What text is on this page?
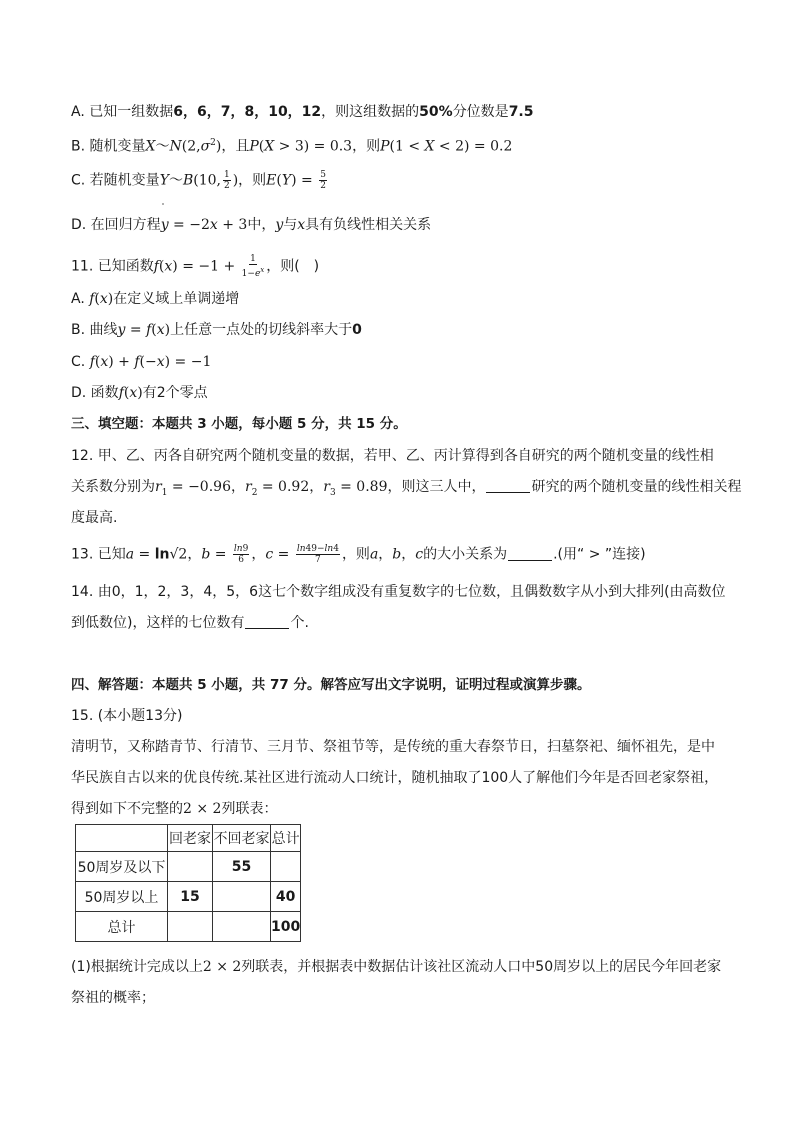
A. 已知一组数据6，6，7，8，10，12，则这组数据的50%分位数是7.5
B. 随机变量$X\sim N(2,\sigma^2)$，且P(X > 3) = 0.3，则P(1 < X < 2) = 0.2
C. 若随机变量Y～B(10, $\frac{1}{2}$ )，则$E(Y) = \frac{5}{2}$
D. 在回归方程y = −2x + 3中，y与x具有负线性相关关系
11. 已知函数$f(x) = -1 + \frac{1}{1-e^x}$ ，则(　)
A. f(x)在定义域上单调递增
B. 曲线y = f(x)上任意一点处的切线斜率大于0
C. f(x) + f(−x) = −1
D. 函数f(x)有2个零点
三、填空题：本题共 3 小题，每小题 5 分，共 15 分。
12. 甲、乙、丙各自研究两个随机变量的数据，若甲、乙、丙计算得到各自研究的两个随机变量的线性相
关系数分别为$r_1 = -0.96$，$r_2 = 0.92$，$r_3 = 0.89$，则这三人中，	研究的两个随机变量的线性相关程
度最高.
13. 已知a = ln√2，$b = \frac{\ln 9}{6}$ ，$c = \frac{\ln 49-\ln 4}{7}$ ，则a，b，c的大小关系为	.(用“ > ”连接)
14. 由0，1，2，3，4，5，6这七个数字组成没有重复数字的七位数，且偶数数字从小到大排列(由高数位
到低数位)，这样的七位数有	个.
四、解答题：本题共 5 小题，共 77 分。解答应写出文字说明，证明过程或演算步骤。
15. (本小题13分)
清明节，又称踏青节、行清节、三月节、祭祖节等，是传统的重大春祭节日，扫墓祭祀、缅怀祖先，是中
华民族自古以来的优良传统.某社区进行流动人口统计，随机抽取了100人了解他们今年是否回老家祭祖，
得到如下不完整的2 × 2列联表：
	回老家	不回老家	总计
50周岁及以下		55	
50周岁以上	15		40
总计			100
(1)根据统计完成以上2 × 2列联表，并根据表中数据估计该社区流动人口中50周岁以上的居民今年回老家
祭祖的概率；
